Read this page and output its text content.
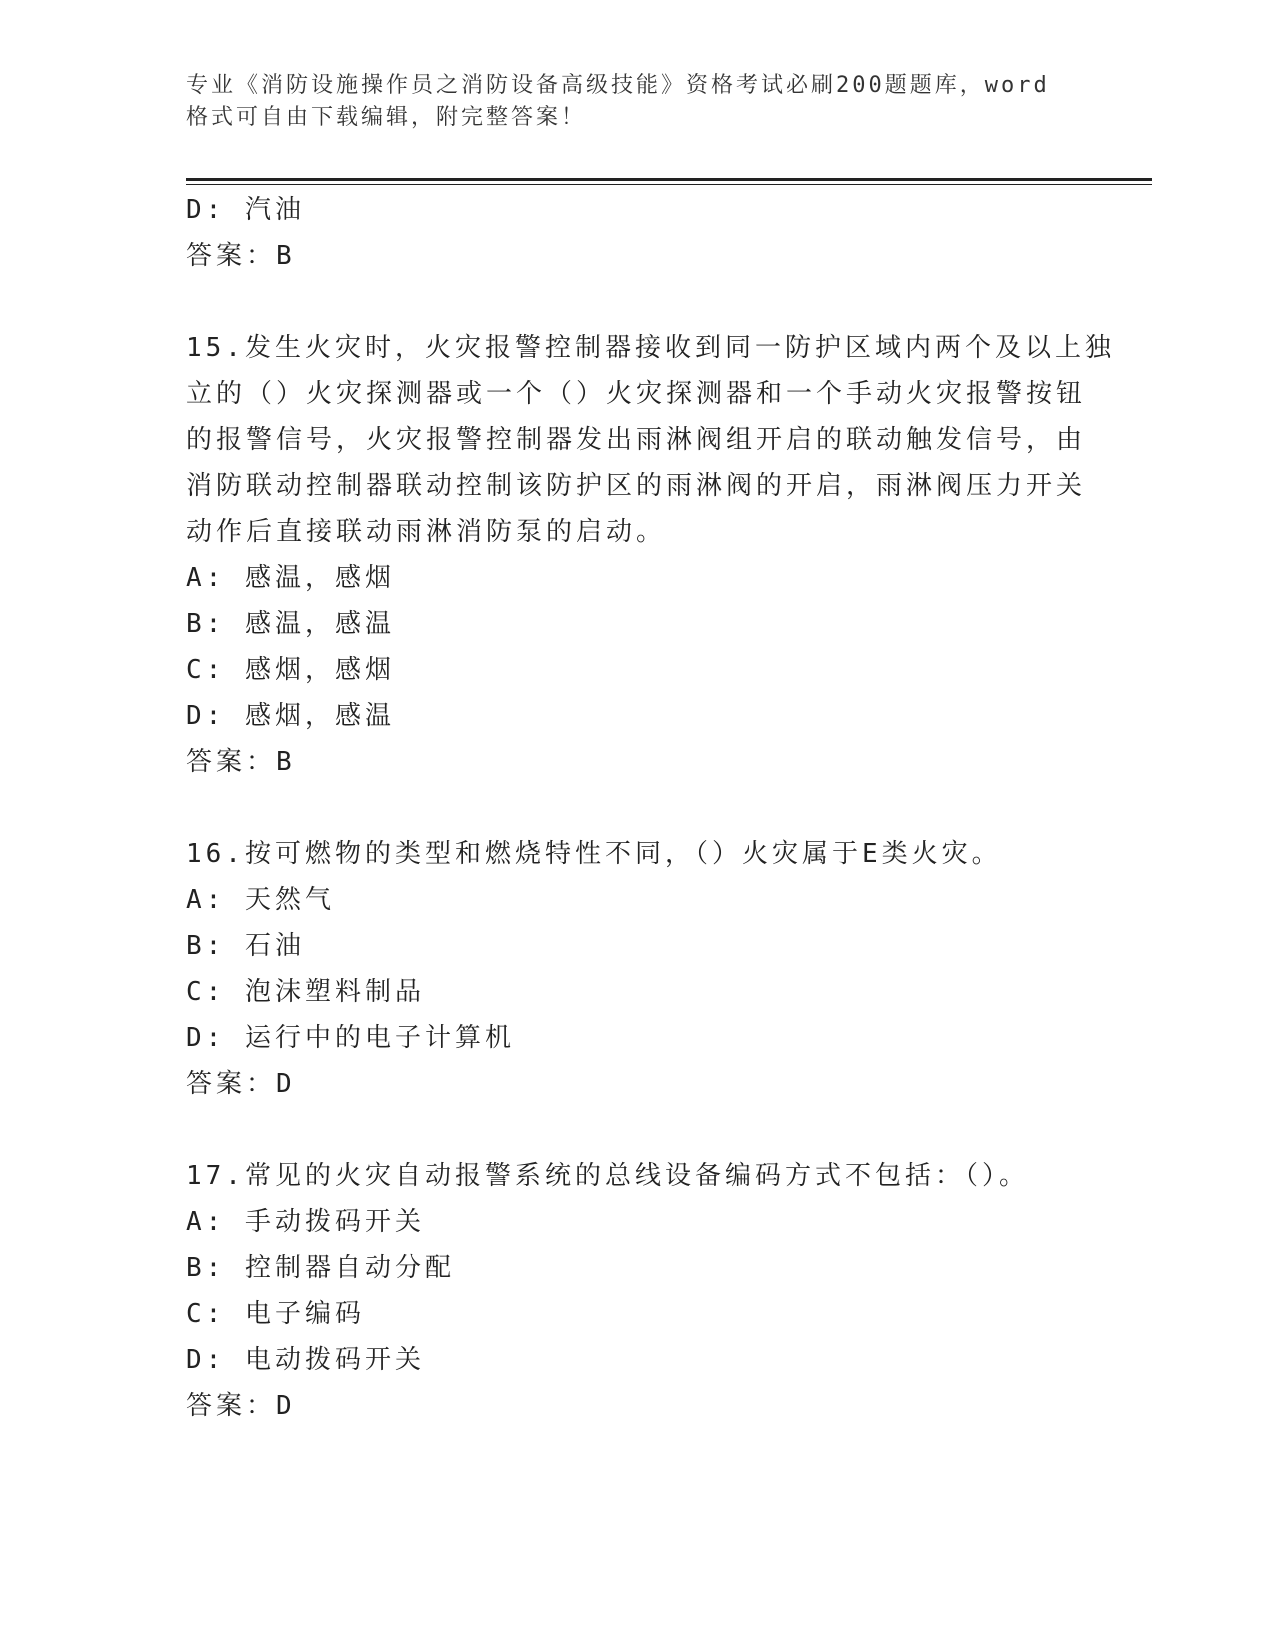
专业《消防设施操作员之消防设备高级技能》资格考试必刷200题题库，word格式可自由下载编辑，附完整答案！
D: 汽油
答案：B
15.发生火灾时，火灾报警控制器接收到同一防护区域内两个及以上独
立的（）火灾探测器或一个（）火灾探测器和一个手动火灾报警按钮
的报警信号，火灾报警控制器发出雨淋阀组开启的联动触发信号，由
消防联动控制器联动控制该防护区的雨淋阀的开启，雨淋阀压力开关
动作后直接联动雨淋消防泵的启动。
A: 感温，感烟
B: 感温，感温
C: 感烟，感烟
D: 感烟，感温
答案：B
16.按可燃物的类型和燃烧特性不同，（）火灾属于E类火灾。
A: 天然气
B: 石油
C: 泡沫塑料制品
D: 运行中的电子计算机
答案：D
17.常见的火灾自动报警系统的总线设备编码方式不包括：（）。
A: 手动拨码开关
B: 控制器自动分配
C: 电子编码
D: 电动拨码开关
答案：D
